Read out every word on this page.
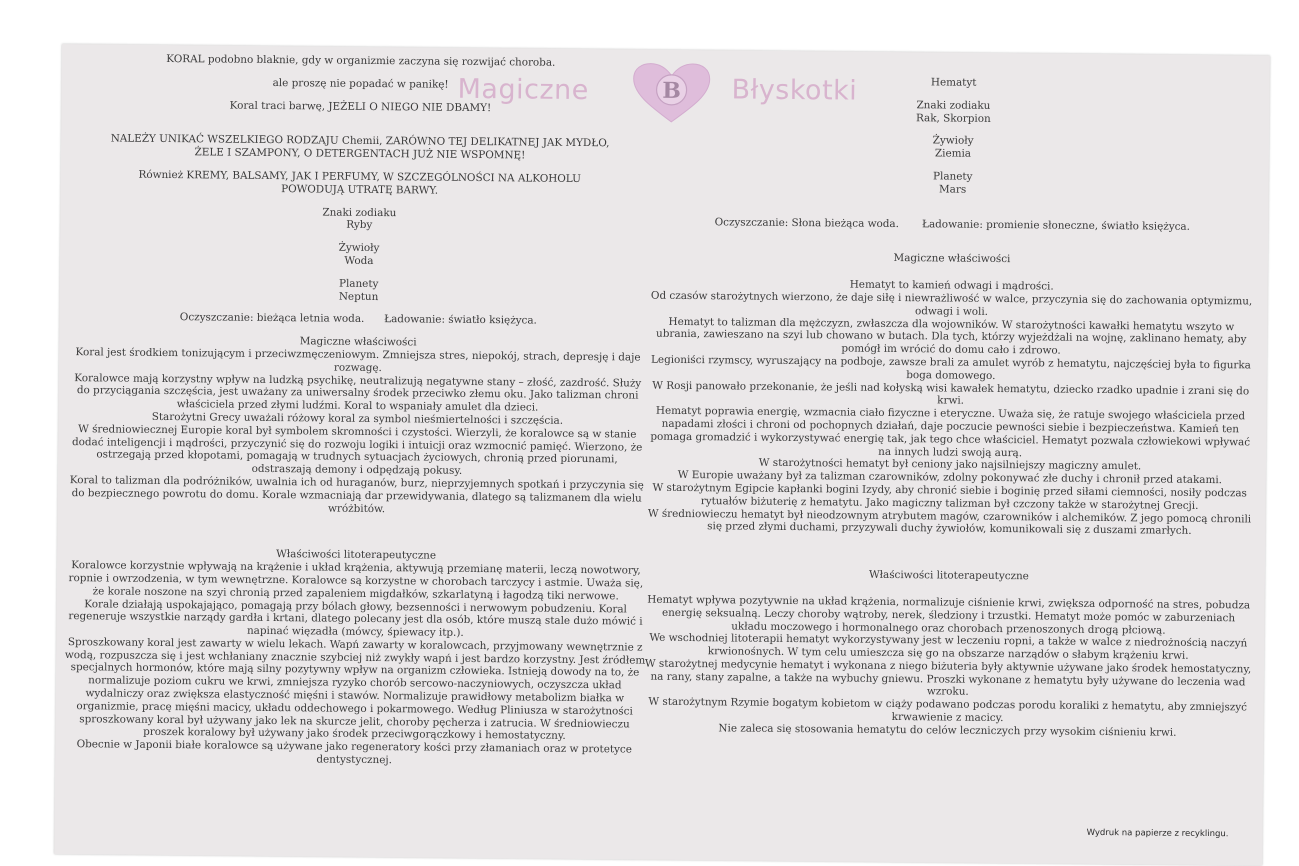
Magiczne	B Błyskotki

KORAL podobno blaknie, gdy w organizmie zaczyna się rozwijać choroba.

ale proszę nie popadać w panikę!

Koral traci barwę, JEŻELI O NIEGO NIE DBAMY!

NALEŻY UNIKAĆ WSZELKIEGO RODZAJU Chemii, ZARÓWNO TEJ DELIKATNEJ JAK MYDŁO, ŻELE I SZAMPONY, O DETERGENTACH JUŻ NIE WSPOMNĘ!

Również KREMY, BALSAMY, JAK I PERFUMY, W SZCZEGÓLNOŚCI NA ALKOHOLU POWODUJĄ UTRATĘ BARWY.

Znaki zodiaku

Ryby

Żywioły

Woda

Planety

Neptun

Oczyszczanie: bieżąca letnia woda. Ładowanie: światło księżyca.

Magiczne właściwości

Koral jest środkiem tonizującym i przeciwzmęczeniowym. Zmniejsza stres, niepokój, strach, depresję i daje rozwagę.

Koralowce mają korzystny wpływ na ludzką psychikę, neutralizują negatywne stany – złość, zazdrość. Służy do przyciągania szczęścia, jest uważany za uniwersalny środek przeciwko złemu oku. Jako talizman chroni właściciela przed złymi ludźmi. Koral to wspaniały amulet dla dzieci.

Starożytni Grecy uważali różowy koral za symbol nieśmiertelności i szczęścia.

W średniowiecznej Europie koral był symbolem skromności i czystości. Wierzyli, że koralowce są w stanie dodać inteligencji i mądrości, przyczynić się do rozwoju logiki i intuicji oraz wzmocnić pamięć. Wierzono, że ostrzegają przed kłopotami, pomagają w trudnych sytuacjach życiowych, chronią przed piorunami, odstraszają demony i odpędzają pokusy.

Koral to talizman dla podróżników, uwalnia ich od huraganów, burz, nieprzyjemnych spotkań i przyczynia się do bezpiecznego powrotu do domu. Korale wzmacniają dar przewidywania, dlatego są talizmanem dla wielu wróżbitów.

Właściwości litoterapeutyczne

Koralowce korzystnie wpływają na krążenie i układ krążenia, aktywują przemianę materii, leczą nowotwory, ropnie i owrzodzenia, w tym wewnętrzne. Koralowce są korzystne w chorobach tarczycy i astmie. Uważa się, że korale noszone na szyi chronią przed zapaleniem migdałków, szkarlatyną i łagodzą tiki nerwowe.

Korale działają uspokajająco, pomagają przy bólach głowy, bezsenności i nerwowym pobudzeniu. Koral regeneruje wszystkie narządy gardła i krtani, dlatego polecany jest dla osób, które muszą stale dużo mówić i napinać więzadła (mówcy, śpiewacy itp.).

Sproszkowany koral jest zawarty w wielu lekach. Wapń zawarty w koralowcach, przyjmowany wewnętrznie z wodą, rozpuszcza się i jest wchłaniany znacznie szybciej niż zwykły wapń i jest bardzo korzystny. Jest źródłem specjalnych hormonów, które mają silny pozytywny wpływ na organizm człowieka. Istnieją dowody na to, że normalizuje poziom cukru we krwi, zmniejsza ryzyko chorób sercowo-naczyniowych, oczyszcza układ wydalniczy oraz zwiększa elastyczność mięśni i stawów. Normalizuje prawidłowy metabolizm białka w organizmie, pracę mięśni macicy, układu oddechowego i pokarmowego. Według Pliniusza w starożytności sproszkowany koral był używany jako lek na skurcze jelit, choroby pęcherza i zatrucia. W średniowieczu proszek koralowy był używany jako środek przeciwgorączkowy i hemostatyczny.

Obecnie w Japonii białe koralowce są używane jako regeneratory kości przy złamaniach oraz w protetyce dentystycznej.

Hematyt

Znaki zodiaku

Rak, Skorpion

Żywioły

Ziemia

Planety

Mars

Oczyszczanie: Słona bieżąca woda. Ładowanie: promienie słoneczne, światło księżyca.

Magiczne właściwości

Hematyt to kamień odwagi i mądrości.

Od czasów starożytnych wierzono, że daje siłę i niewrażliwość w walce, przyczynia się do zachowania optymizmu, odwagi i woli.

Hematyt to talizman dla mężczyzn, zwłaszcza dla wojowników. W starożytności kawałki hematytu wszyto w ubrania, zawieszano na szyi lub chowano w butach. Dla tych, którzy wyjeżdżali na wojnę, zaklinano hematy, aby pomógł im wrócić do domu cało i zdrowo.

Legioniści rzymscy, wyruszający na podboje, zawsze brali za amulet wyrób z hematytu, najczęściej była to figurka boga domowego.

W Rosji panowało przekonanie, że jeśli nad kołyską wisi kawałek hematytu, dziecko rzadko upadnie i zrani się do krwi.

Hematyt poprawia energię, wzmacnia ciało fizyczne i eteryczne. Uważa się, że ratuje swojego właściciela przed napadami złości i chroni od pochopnych działań, daje poczucie pewności siebie i bezpieczeństwa. Kamień ten pomaga gromadzić i wykorzystywać energię tak, jak tego chce właściciel. Hematyt pozwala człowiekowi wpływać na innych ludzi swoją aurą.

W starożytności hematyt był ceniony jako najsilniejszy magiczny amulet.

W Europie uważany był za talizman czarowników, zdolny pokonywać złe duchy i chronił przed atakami.

W starożytnym Egipcie kapłanki bogini Izydy, aby chronić siebie i boginię przed siłami ciemności, nosiły podczas rytuałów biżuterię z hematytu. Jako magiczny talizman był czczony także w starożytnej Grecji.

W średniowieczu hematyt był nieodzownym atrybutem magów, czarowników i alchemików. Z jego pomocą chronili się przed złymi duchami, przyzywali duchy żywiołów, komunikowali się z duszami zmarłych.

Właściwości litoterapeutyczne

Hematyt wpływa pozytywnie na układ krążenia, normalizuje ciśnienie krwi, zwiększa odporność na stres, pobudza energię seksualną. Leczy choroby wątroby, nerek, śledziony i trzustki. Hematyt może pomóc w zaburzeniach układu moczowego i hormonalnego oraz chorobach przenoszonych drogą płciową.

We wschodniej litoterapii hematyt wykorzystywany jest w leczeniu ropni, a także w walce z niedrożnością naczyń krwionośnych. W tym celu umieszcza się go na obszarze narządów o słabym krążeniu krwi.

W starożytnej medycynie hematyt i wykonana z niego biżuteria były aktywnie używane jako środek hemostatyczny, na rany, stany zapalne, a także na wybuchy gniewu. Proszki wykonane z hematytu były używane do leczenia wad wzroku.

W starożytnym Rzymie bogatym kobietom w ciąży podawano podczas porodu koraliki z hematytu, aby zmniejszyć krwawienie z macicy.

Nie zaleca się stosowania hematytu do celów leczniczych przy wysokim ciśnieniu krwi.

Wydruk na papierze z recyklingu.
